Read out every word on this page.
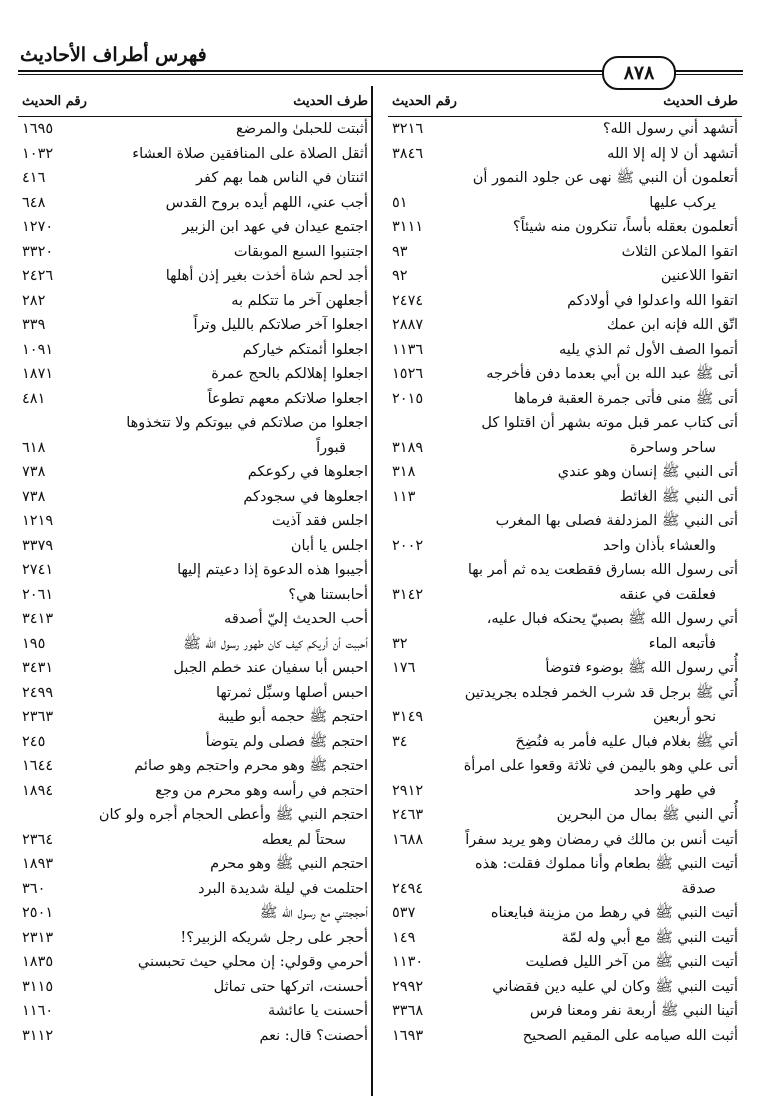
فهرس أطراف الأحاديث
٨٧٨
طرف الحديث
رقم الحديث
أتشهد أني رسول الله؟
٣٢١٦
أتشهد أن لا إله إلا الله
٣٨٤٦
أتعلمون أن النبي ﷺ نهى عن جلود النمور أن
يركب عليها
٥١
أتعلمون بعقله بأساً، تنكرون منه شيئاً؟
٣١١١
اتقوا الملاعن الثلاث
٩٣
اتقوا اللاعنين
٩٢
اتقوا الله واعدلوا في أولادكم
٢٤٧٤
اتّق الله فإنه ابن عمك
٢٨٨٧
أتموا الصف الأول ثم الذي يليه
١١٣٦
أتى ﷺ عبد الله بن أبي بعدما دفن فأخرجه
١٥٢٦
أتى ﷺ منى فأتى جمرة العقبة فرماها
٢٠١٥
أتى كتاب عمر قبل موته بشهر أن اقتلوا كل
ساحر وساحرة
٣١٨٩
أتى النبي ﷺ إنسان وهو عندي
٣١٨
أتى النبي ﷺ الغائط
١١٣
أتى النبي ﷺ المزدلفة فصلى بها المغرب
والعشاء بأذان واحد
٢٠٠٢
أتى رسول الله بسارق فقطعت يده ثم أمر بها
فعلقت في عنقه
٣١٤٢
أتي رسول الله ﷺ بصبيّ يحنكه فبال عليه،
فأتبعه الماء
٣٢
أُتي رسول الله ﷺ بوضوء فتوضأ
١٧٦
أُتي ﷺ برجل قد شرب الخمر فجلده بجريدتين
نحو أربعين
٣١٤٩
أتي ﷺ بغلام فبال عليه فأمر به فنُضِحَ
٣٤
أتى علي وهو باليمن في ثلاثة وقعوا على امرأة
في طهر واحد
٢٩١٢
أُتي النبي ﷺ بمال من البحرين
٢٤٦٣
أتيت أنس بن مالك في رمضان وهو يريد سفراً
١٦٨٨
أتيت النبي ﷺ بطعام وأنا مملوك فقلت: هذه
صدقة
٢٤٩٤
أتيت النبي ﷺ في رهط من مزينة فبايعناه
٥٣٧
أتيت النبي ﷺ مع أبي وله لمّة
١٤٩
أتيت النبي ﷺ من آخر الليل فصليت
١١٣٠
أتيت النبي ﷺ وكان لي عليه دين فقضاني
٢٩٩٢
أتينا النبي ﷺ أربعة نفر ومعنا فرس
٣٣٦٨
أثبت الله صيامه على المقيم الصحيح
١٦٩٣
طرف الحديث
رقم الحديث
أثبتت للحبلىٰ والمرضع
١٦٩٥
أثقل الصلاة على المنافقين صلاة العشاء
١٠٣٢
اثنتان في الناس هما بهم كفر
٤١٦
أجب عني، اللهم أيده بروح القدس
٦٤٨
اجتمع عيدان في عهد ابن الزبير
١٢٧٠
اجتنبوا السبع الموبقات
٣٣٢٠
أجد لحم شاة أخذت بغير إذن أهلها
٢٤٢٦
أجعلهن آخر ما تتكلم به
٢٨٢
اجعلوا آخر صلاتكم بالليل وتراً
٣٣٩
اجعلوا أئمتكم خياركم
١٠٩١
اجعلوا إهلالكم بالحج عمرة
١٨٧١
اجعلوا صلاتكم معهم تطوعاً
٤٨١
اجعلوا من صلاتكم في بيوتكم ولا تتخذوها
قبوراً
٦١٨
اجعلوها في ركوعكم
٧٣٨
اجعلوها في سجودكم
٧٣٨
اجلس فقد آذيت
١٢١٩
اجلس يا أبان
٣٣٧٩
أجيبوا هذه الدعوة إذا دعيتم إليها
٢٧٤١
أحابستنا هي؟
٢٠٦١
أحب الحديث إليّ أصدقه
٣٤١٣
أحببت أن أريكم كيف كان طهور رسول الله ﷺ
١٩٥
احبس أبا سفيان عند خطم الجبل
٣٤٣١
احبس أصلها وسبِّل ثمرتها
٢٤٩٩
احتجم ﷺ حجمه أبو طيبة
٢٣٦٣
احتجم ﷺ فصلى ولم يتوضأ
٢٤٥
احتجم ﷺ وهو محرم واحتجم وهو صائم
١٦٤٤
احتجم في رأسه وهو محرم من وجع
١٨٩٤
احتجم النبي ﷺ وأعطى الحجام أجره ولو كان
سحتاً لم يعطه
٢٣٦٤
احتجم النبي ﷺ وهو محرم
١٨٩٣
احتلمت في ليلة شديدة البرد
٣٦٠
أحججتني مع رسول الله ﷺ
٢٥٠١
أحجر على رجل شريكه الزبير؟!
٢٣١٣
أحرمي وقولي: إن محلي حيث تحبسني
١٨٣٥
أحسنت، اتركها حتى تماثل
٣١١٥
أحسنت يا عائشة
١١٦٠
أحصنت؟ قال: نعم
٣١١٢
